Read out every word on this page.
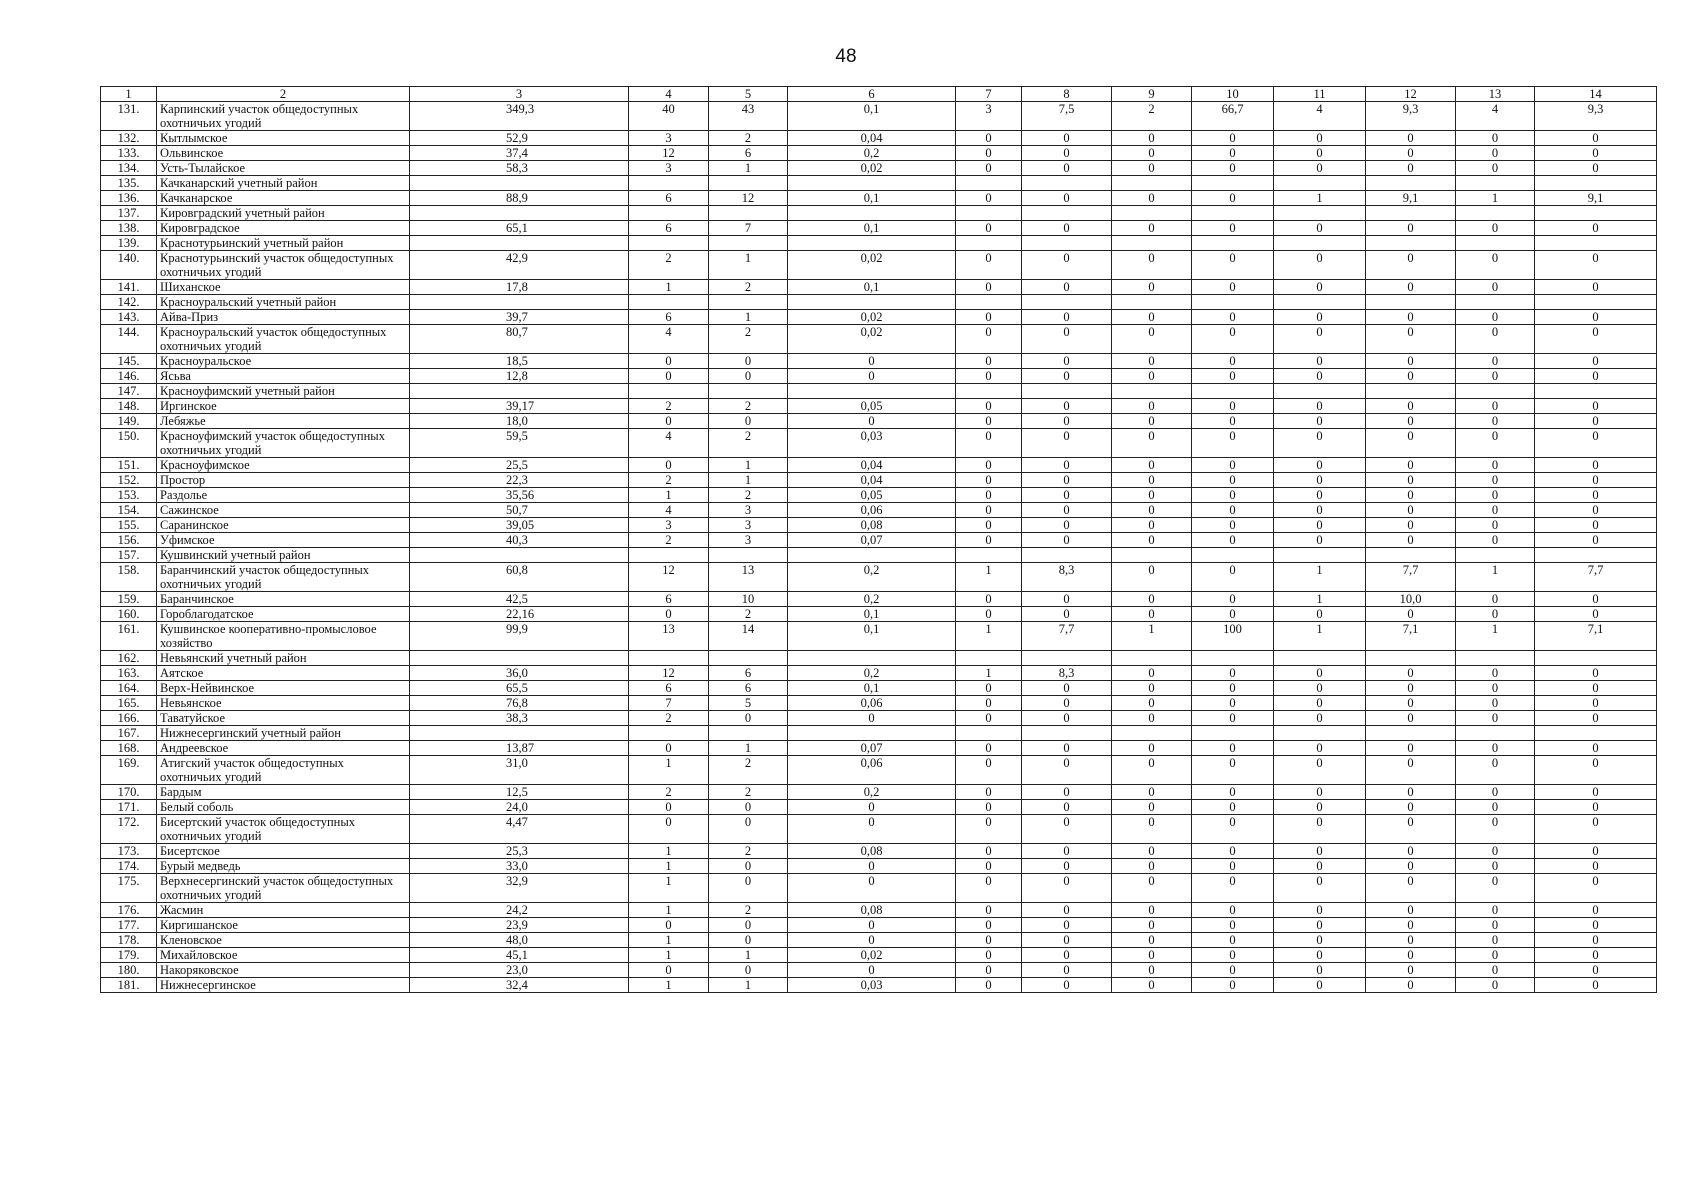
48
1	2	3	4	5	6	7	8	9	10	11	12	13	14
131.	Карпинский участок общедоступных охотничьих угодий	349,3	40	43	0,1	3	7,5	2	66,7	4	9,3	4	9,3
132.	Кытлымское	52,9	3	2	0,04	0	0	0	0	0	0	0	0
133.	Ольвинское	37,4	12	6	0,2	0	0	0	0	0	0	0	0
134.	Усть-Тылайское	58,3	3	1	0,02	0	0	0	0	0	0	0	0
135.	Качканарский учетный район												
136.	Качканарское	88,9	6	12	0,1	0	0	0	0	1	9,1	1	9,1
137.	Кировградский учетный район												
138.	Кировградское	65,1	6	7	0,1	0	0	0	0	0	0	0	0
139.	Краснотурьинский учетный район												
140.	Краснотурьинский участок общедоступных охотничьих угодий	42,9	2	1	0,02	0	0	0	0	0	0	0	0
141.	Шиханское	17,8	1	2	0,1	0	0	0	0	0	0	0	0
142.	Красноуральский учетный район												
143.	Айва-Приз	39,7	6	1	0,02	0	0	0	0	0	0	0	0
144.	Красноуральский участок общедоступных охотничьих угодий	80,7	4	2	0,02	0	0	0	0	0	0	0	0
145.	Красноуральское	18,5	0	0	0	0	0	0	0	0	0	0	0
146.	Ясьва	12,8	0	0	0	0	0	0	0	0	0	0	0
147.	Красноуфимский учетный район												
148.	Иргинское	39,17	2	2	0,05	0	0	0	0	0	0	0	0
149.	Лебяжье	18,0	0	0	0	0	0	0	0	0	0	0	0
150.	Красноуфимский участок общедоступных охотничьих угодий	59,5	4	2	0,03	0	0	0	0	0	0	0	0
151.	Красноуфимское	25,5	0	1	0,04	0	0	0	0	0	0	0	0
152.	Простор	22,3	2	1	0,04	0	0	0	0	0	0	0	0
153.	Раздолье	35,56	1	2	0,05	0	0	0	0	0	0	0	0
154.	Сажинское	50,7	4	3	0,06	0	0	0	0	0	0	0	0
155.	Саранинское	39,05	3	3	0,08	0	0	0	0	0	0	0	0
156.	Уфимское	40,3	2	3	0,07	0	0	0	0	0	0	0	0
157.	Кушвинский учетный район												
158.	Баранчинский участок общедоступных охотничьих угодий	60,8	12	13	0,2	1	8,3	0	0	1	7,7	1	7,7
159.	Баранчинское	42,5	6	10	0,2	0	0	0	0	1	10,0	0	0
160.	Гороблагодатское	22,16	0	2	0,1	0	0	0	0	0	0	0	0
161.	Кушвинское кооперативно-промысловое хозяйство	99,9	13	14	0,1	1	7,7	1	100	1	7,1	1	7,1
162.	Невьянский учетный район												
163.	Аятское	36,0	12	6	0,2	1	8,3	0	0	0	0	0	0
164.	Верх-Нейвинское	65,5	6	6	0,1	0	0	0	0	0	0	0	0
165.	Невьянское	76,8	7	5	0,06	0	0	0	0	0	0	0	0
166.	Таватуйское	38,3	2	0	0	0	0	0	0	0	0	0	0
167.	Нижнесергинский учетный район												
168.	Андреевское	13,87	0	1	0,07	0	0	0	0	0	0	0	0
169.	Атигский участок общедоступных охотничьих угодий	31,0	1	2	0,06	0	0	0	0	0	0	0	0
170.	Бардым	12,5	2	2	0,2	0	0	0	0	0	0	0	0
171.	Белый соболь	24,0	0	0	0	0	0	0	0	0	0	0	0
172.	Бисертский участок общедоступных охотничьих угодий	4,47	0	0	0	0	0	0	0	0	0	0	0
173.	Бисертское	25,3	1	2	0,08	0	0	0	0	0	0	0	0
174.	Бурый медведь	33,0	1	0	0	0	0	0	0	0	0	0	0
175.	Верхнесергинский участок общедоступных охотничьих угодий	32,9	1	0	0	0	0	0	0	0	0	0	0
176.	Жасмин	24,2	1	2	0,08	0	0	0	0	0	0	0	0
177.	Киргишанское	23,9	0	0	0	0	0	0	0	0	0	0	0
178.	Кленовское	48,0	1	0	0	0	0	0	0	0	0	0	0
179.	Михайловское	45,1	1	1	0,02	0	0	0	0	0	0	0	0
180.	Накоряковское	23,0	0	0	0	0	0	0	0	0	0	0	0
181.	Нижнесергинское	32,4	1	1	0,03	0	0	0	0	0	0	0	0
